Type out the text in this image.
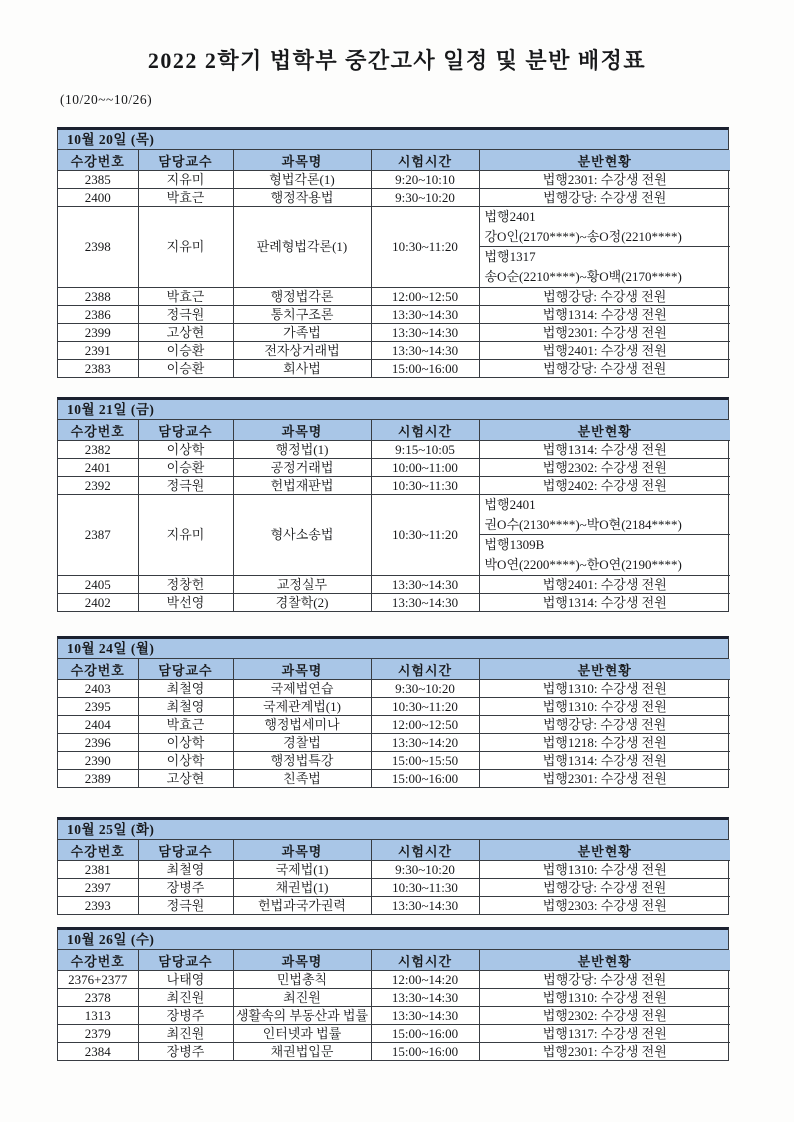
2022 2학기 법학부 중간고사 일정 및 분반 배정표
(10/20~~10/26)
10월 20일 (목)
수강번호	담당교수	과목명	시험시간	분반현황
2385	지유미	형법각론(1)	9:20~10:10	법행2301: 수강생 전원
2400	박효근	행정작용법	9:30~10:20	법행강당: 수강생 전원
2398	지유미	판례형법각론(1)	10:30~11:20	법행2401
강O인(2170****)~송O정(2210****)
법행1317
송O순(2210****)~황O백(2170****)

2388	박효근	행정법각론	12:00~12:50	법행강당: 수강생 전원
2386	정극원	통치구조론	13:30~14:30	법행1314: 수강생 전원
2399	고상현	가족법	13:30~14:30	법행2301: 수강생 전원
2391	이승환	전자상거래법	13:30~14:30	법행2401: 수강생 전원
2383	이승환	회사법	15:00~16:00	법행강당: 수강생 전원
10월 21일 (금)
수강번호	담당교수	과목명	시험시간	분반현황
2382	이상학	행정법(1)	9:15~10:05	법행1314: 수강생 전원
2401	이승환	공정거래법	10:00~11:00	법행2302: 수강생 전원
2392	정극원	헌법재판법	10:30~11:30	법행2402: 수강생 전원
2387	지유미	형사소송법	10:30~11:20	법행2401
권O수(2130****)~박O현(2184****)
법행1309B
박O연(2200****)~한O연(2190****)

2405	정창헌	교정실무	13:30~14:30	법행2401: 수강생 전원
2402	박선영	경찰학(2)	13:30~14:30	법행1314: 수강생 전원
10월 24일 (월)
수강번호	담당교수	과목명	시험시간	분반현황
2403	최철영	국제법연습	9:30~10:20	법행1310: 수강생 전원
2395	최철영	국제관계법(1)	10:30~11:20	법행1310: 수강생 전원
2404	박효근	행정법세미나	12:00~12:50	법행강당: 수강생 전원
2396	이상학	경찰법	13:30~14:20	법행1218: 수강생 전원
2390	이상학	행정법특강	15:00~15:50	법행1314: 수강생 전원
2389	고상현	친족법	15:00~16:00	법행2301: 수강생 전원
10월 25일 (화)
수강번호	담당교수	과목명	시험시간	분반현황
2381	최철영	국제법(1)	9:30~10:20	법행1310: 수강생 전원
2397	장병주	채권법(1)	10:30~11:30	법행강당: 수강생 전원
2393	정극원	헌법과국가권력	13:30~14:30	법행2303: 수강생 전원
10월 26일 (수)
수강번호	담당교수	과목명	시험시간	분반현황
2376+2377	나태영	민법총칙	12:00~14:20	법행강당: 수강생 전원
2378	최진원	최진원	13:30~14:30	법행1310: 수강생 전원
1313	장병주	생활속의 부동산과 법률	13:30~14:30	법행2302: 수강생 전원
2379	최진원	인터넷과 법률	15:00~16:00	법행1317: 수강생 전원
2384	장병주	채권법입문	15:00~16:00	법행2301: 수강생 전원
